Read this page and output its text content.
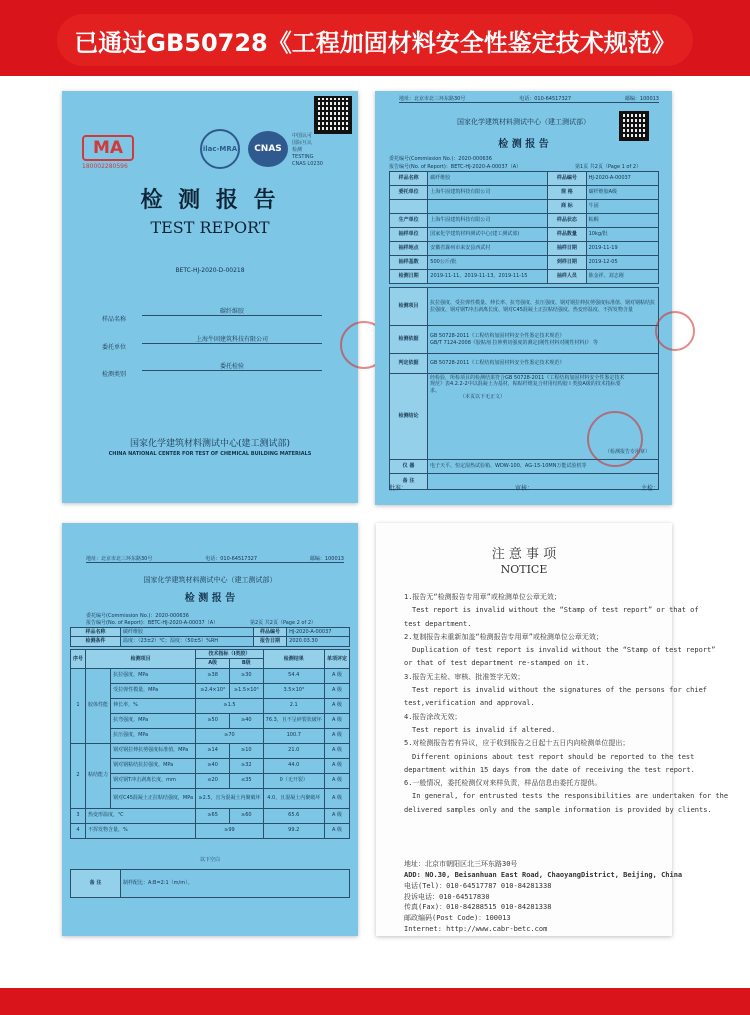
已通过GB50728《工程加固材料安全性鉴定技术规范》
MA
180002280596
ilac-MRA	CNAS
中国认可
国际互认
检测
TESTING
CNAS L0230
检 测 报 告
TEST REPORT
BETC-HJ-2020-D-00218
样品名称
碳纤维胶
委托单位
上海牛固建筑科技有限公司
检测类别
委托检验
国家化学建筑材料测试中心(建工测试部)
CHINA NATIONAL CENTER FOR TEST OF CHEMICAL BUILDING MATERIALS
地址：北京市北三环东路30号	电话：010-64517327	邮编：100013
国家化学建筑材料测试中心（建工测试部）
检 测 报 告
委托编号(Commission No.)：2020-000636
报告编号(No. of Report)：BETC-HJ-2020-A-00037（A）	第1页 共2页（Page 1 of 2）
样品名称	碳纤维胶	样品编号	HJ-2020-A-00037
委托单位	上海牛固建筑科技有限公司	规 格	碳纤维胶A级
		商 标	牛固
生产单位	上海牛固建筑科技有限公司	样品状态	粘稠
抽样单位	国家化学建筑材料测试中心(建工测试部)	样品数量	10kg/批
抽样地点	安徽省滁州市来安县西武村	抽样日期	2019-11-19
抽样基数	500公斤/批	到样日期	2019-12-05
检测日期	2019-11-11、2019-11-13、2019-11-15	抽样人员	陈金祥、刘志刚
检测项目	抗拉强度、受拉弹性模量、伸长率、抗弯强度、抗压强度、钢对钢拉伸抗剪强度标准值、钢对钢粘结抗拉强度、钢对钢T冲击剥离长度、钢对C45混凝土正拉粘结强度、热变形温度、不挥发物含量
检测依据	GB 50728-2011《工程结构加固材料安全性鉴定技术规范》
GB/T 7124-2008《胶粘剂 拉伸剪切强度的测定(刚性材料对刚性材料)》 等

判定依据	GB 50728-2011《工程结构加固材料安全性鉴定技术规范》
检测结论	经检验，所检项目的检测结果符合GB 50728-2011《工程结构加固材料安全性鉴定技术
规范》表4.2.2-2中以混凝土为基材，粘贴纤维复合材用结构胶 I 类胶A级的技术指标要
求。
（本页以下无正文）
（检测报告专用章）

仪 器	电子天平、恒定湿热试验箱、WDW-100、AG-15-10MN万能试验机等
备 注	
批准：	审核：	主检：
地址：北京市北三环东路30号	电话：010-64517327	邮编：100013
国家化学建筑材料测试中心（建工测试部）
检 测 报 告
委托编号(Commission No.)：2020-000636
报告编号(No. of Report)：BETC-HJ-2020-A-00037（A）	第2页 共2页（Page 2 of 2）
样品名称	碳纤维胶	样品编号	HJ-2020-A-00037
检测条件	温度：（23±2）℃；湿度：（50±5）%RH	报告日期	2020.03.30
序号	检测项目		技术指标（I类胶）		检测结果	单项评定
			A级	B级		
1	胶体性能	抗拉强度，MPa	≥38	≥30	54.4	A 级
		受拉弹性模量，MPa	≥2.4×10³	≥1.5×10³	3.5×10³	A 级
		伸长率，%	≥1.5		2.1	A 级
		抗弯强度，MPa	≥50	≥40	76.3，且不呈碎裂状破坏	A 级
		抗压强度，MPa	≥70		100.7	A 级
2	粘结能力	钢对钢拉伸抗剪强度标准值，MPa	≥14	≥10	21.0	A 级
		钢对钢粘结抗拉强度，MPa	≥40	≥32	44.0	A 级
		钢对钢T冲击剥离长度，mm	≤20	≤35	0（无开裂）	A 级
		钢对C45混凝土正拉粘结强度，MPa	≥2.5，且为混凝土内聚破坏		4.0，且混凝土内聚破坏	A 级
3	热变形温度，℃		≥65	≥60	65.6	A 级
4	不挥发物含量，%		≥99		99.2	A 级
以下空白
备 注	制样配比：A:B=2:1（m/m）。
注 意 事 项
NOTICE
1.报告无“检测报告专用章”或检测单位公章无效；
Test report is invalid without the “Stamp of test report” or that of
test department.
2.复制报告未重新加盖“检测报告专用章”或检测单位公章无效；
Duplication of test report is invalid without the “Stamp of test report”
or that of test department re-stamped on it.
3.报告无主检、审核、批准签字无效；
Test report is invalid without the signatures of the persons for chief
test,verification and approval.
4.报告涂改无效；
Test report is invalid if altered.
5.对检测报告若有异议，应于收到报告之日起十五日内向检测单位提出；
Different opinions about test report should be reported to the test
department within 15 days from the date of receiving the test report.
6.一般情况，委托检测仅对来样负责，样品信息由委托方提供。
In general, for entrusted tests the responsibilities are undertaken for the
delivered samples only and the sample information is provided by clients.
地址：北京市朝阳区北三环东路30号
ADD: NO.30, Beisanhuan East Road, ChaoyangDistrict, Beijing, China
电话(Tel)：010-64517787 010-84281338
投诉电话：010-64517830
传真(Fax)：010-84288515 010-84281338
邮政编码(Post Code)：100013
Internet: http://www.cabr-betc.com
